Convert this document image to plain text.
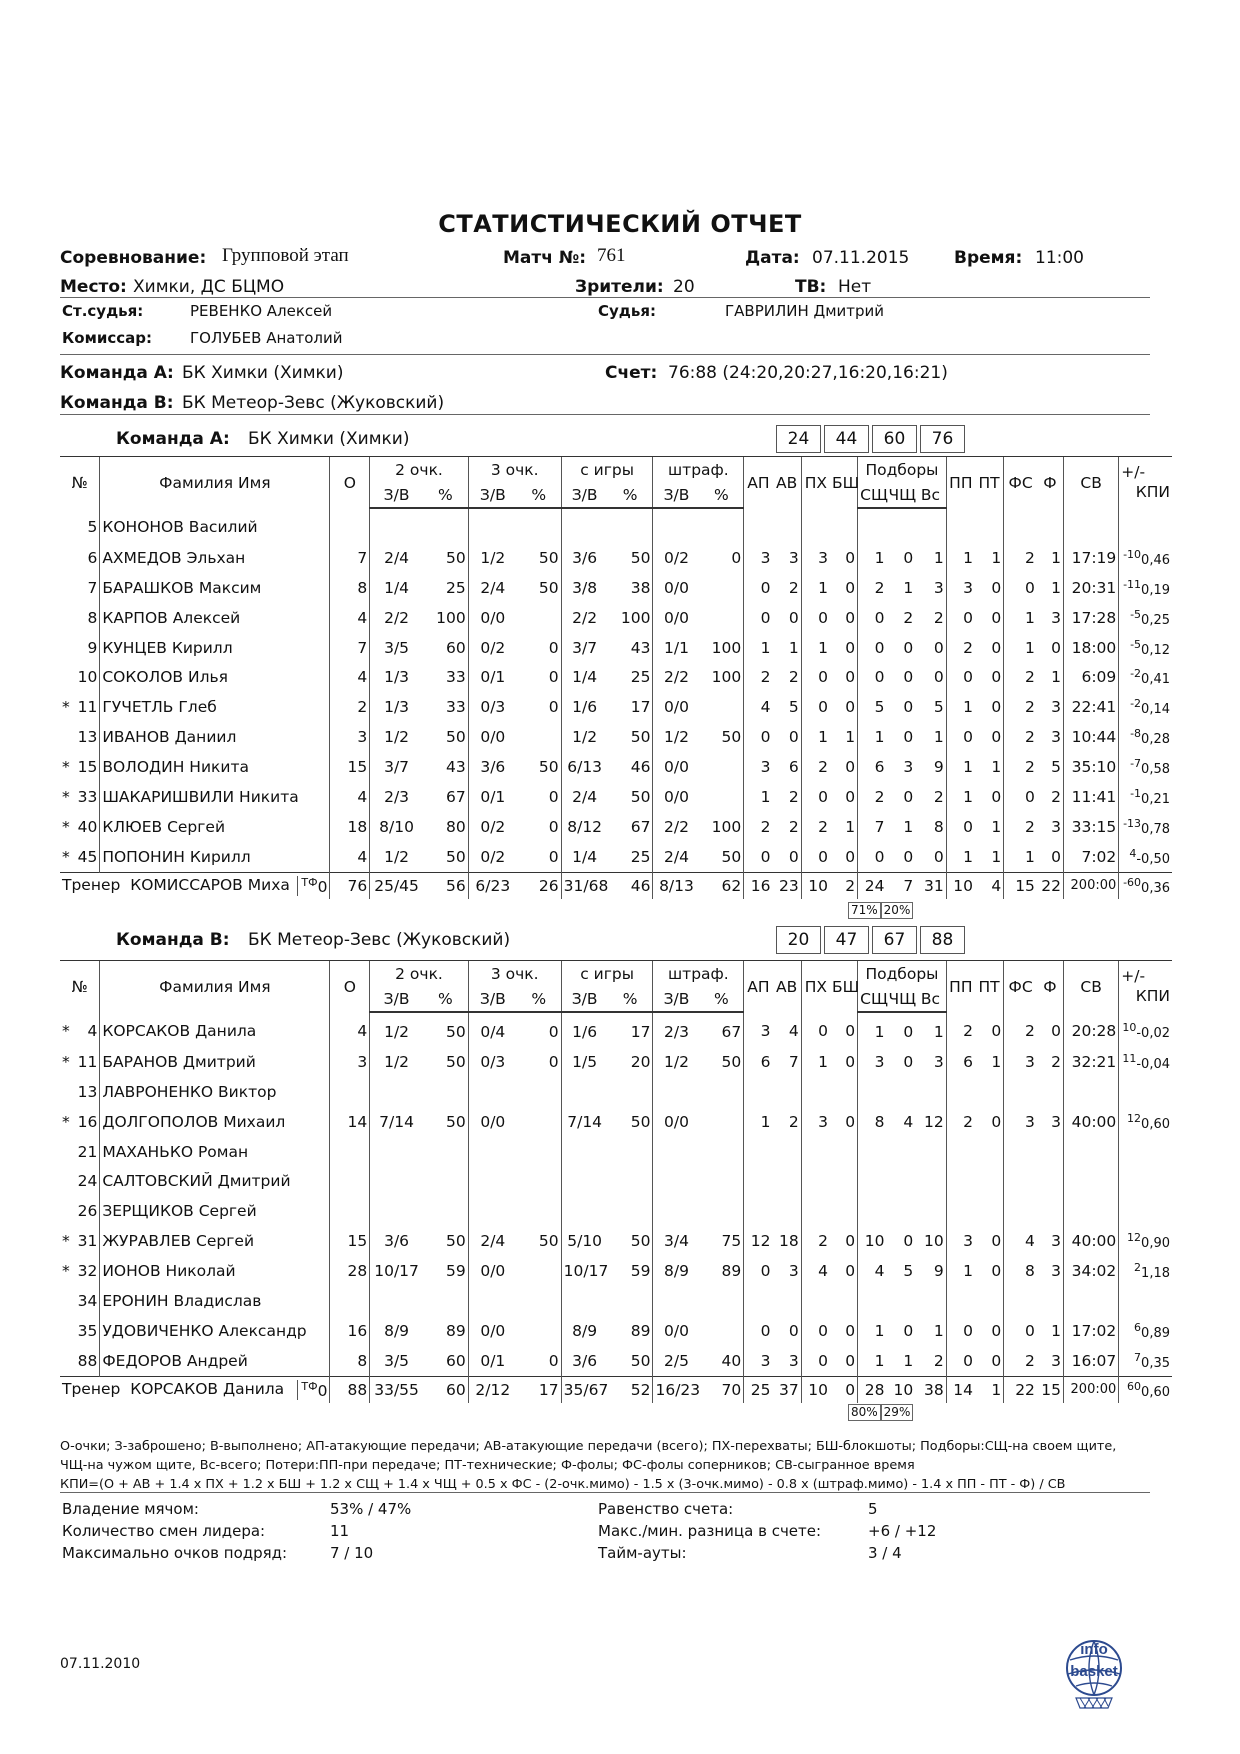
СТАТИСТИЧЕСКИЙ ОТЧЕТ
Соревнование: Групповой этап	Матч №: 761	Дата: 07.11.2015	Время: 11:00
Место: Химки, ДС БЦМО	Зрители: 20	ТВ: Нет
Ст.судья:	РЕВЕНКО Алексей	Судья:	ГАВРИЛИН Дмитрий
Комиссар:	ГОЛУБЕВ Анатолий
Команда А: БК Химки (Химки)	Счет: 76:88 (24:20,20:27,16:20,16:21)
Команда В: БК Метеор-Зевс (Жуковский)
Команда А: БК Химки (Химки)	24	44	60	76
№	Фамилия Имя	О	2 очк.		3 очк.		с игры		штраф.		АП	АВ	ПХ	БШ	Подборы			ПП	ПТ	ФС	Ф	СВ	+/-
КПИ

			З/В	%	З/В	%	З/В	%	З/В	%					СЩ	ЧЩ	Вс						

5	КОНОНОВ Василий																						

6	АХМЕДОВ Эльхан	7	2/4	50	1/2	50	3/6	50	0/2	0	3	3	3	0	1	0	1	1	1	2	1	17:19	$^{-10}$0,46

7	БАРАШКОВ Максим	8	1/4	25	2/4	50	3/8	38	0/0		0	2	1	0	2	1	3	3	0	0	1	20:31	$^{-11}$0,19

8	КАРПОВ Алексей	4	2/2	100	0/0		2/2	100	0/0		0	0	0	0	0	2	2	0	0	1	3	17:28	$^{-5}$0,25

9	КУНЦЕВ Кирилл	7	3/5	60	0/2	0	3/7	43	1/1	100	1	1	1	0	0	0	0	2	0	1	0	18:00	$^{-5}$0,12

10	СОКОЛОВ Илья	4	1/3	33	0/1	0	1/4	25	2/2	100	2	2	0	0	0	0	0	0	0	2	1	6:09	$^{-2}$0,41

* 11	ГУЧЕТЛЬ Глеб	2	1/3	33	0/3	0	1/6	17	0/0		4	5	0	0	5	0	5	1	0	2	3	22:41	$^{-2}$0,14

13	ИВАНОВ Даниил	3	1/2	50	0/0		1/2	50	1/2	50	0	0	1	1	1	0	1	0	0	2	3	10:44	$^{-8}$0,28

* 15	ВОЛОДИН Никита	15	3/7	43	3/6	50	6/13	46	0/0		3	6	2	0	6	3	9	1	1	2	5	35:10	$^{-7}$0,58

* 33	ШАКАРИШВИЛИ Никита	4	2/3	67	0/1	0	2/4	50	0/0		1	2	0	0	2	0	2	1	0	0	2	11:41	$^{-1}$0,21

* 40	КЛЮЕВ Сергей	18	8/10	80	0/2	0	8/12	67	2/2	100	2	2	2	1	7	1	8	0	1	2	3	33:15	$^{-13}$0,78

* 45	ПОПОНИН Кирилл	4	1/2	50	0/2	0	1/4	25	2/4	50	0	0	0	0	0	0	0	1	1	1	0	7:02	$^4$-0,50
Тренер КОМИССАРОВ Миха $^{ТФ}$0		76	25/45	56	6/23	26	31/68	46	8/13	62	16	23	10	2	24	7	31	10	4	15	22	200:00	$^{-60}$0,36
71% 20%
Команда В: БК Метеор-Зевс (Жуковский)	20	47	67	88
№	Фамилия Имя	О	2 очк.		3 очк.		с игры		штраф.		АП	АВ	ПХ	БШ	Подборы			ПП	ПТ	ФС	Ф	СВ	+/-
КПИ

			З/В	%	З/В	%	З/В	%	З/В	%					СЩ	ЧЩ	Вс						

* 4	КОРСАКОВ Данила	4	1/2	50	0/4	0	1/6	17	2/3	67	3	4	0	0	1	0	1	2	0	2	0	20:28	$^{10}$-0,02

* 11	БАРАНОВ Дмитрий	3	1/2	50	0/3	0	1/5	20	1/2	50	6	7	1	0	3	0	3	6	1	3	2	32:21	$^{11}$-0,04

13	ЛАВРОНЕНКО Виктор																						

* 16	ДОЛГОПОЛОВ Михаил	14	7/14	50	0/0		7/14	50	0/0		1	2	3	0	8	4	12	2	0	3	3	40:00	$^{12}$0,60

21	МАХАНЬКО Роман																						

24	САЛТОВСКИЙ Дмитрий																						

26	ЗЕРЩИКОВ Сергей																						

* 31	ЖУРАВЛЕВ Сергей	15	3/6	50	2/4	50	5/10	50	3/4	75	12	18	2	0	10	0	10	3	0	4	3	40:00	$^{12}$0,90

* 32	ИОНОВ Николай	28	10/17	59	0/0		10/17	59	8/9	89	0	3	4	0	4	5	9	1	0	8	3	34:02	$^2$1,18

34	ЕРОНИН Владислав																						

35	УДОВИЧЕНКО Александр	16	8/9	89	0/0		8/9	89	0/0		0	0	0	0	1	0	1	0	0	0	1	17:02	$^6$0,89

88	ФЕДОРОВ Андрей	8	3/5	60	0/1	0	3/6	50	2/5	40	3	3	0	0	1	1	2	0	0	2	3	16:07	$^7$0,35
Тренер КОРСАКОВ Данила $^{ТФ}$0		88	33/55	60	2/12	17	35/67	52	16/23	70	25	37	10	0	28	10	38	14	1	22	15	200:00	$^{60}$0,60
80% 29%
О-очки; З-заброшено; В-выполнено; АП-атакующие передачи; АВ-атакующие передачи (всего); ПХ-перехваты; БШ-блокшоты; Подборы:СЩ-на своем щите,
ЧЩ-на чужом щите, Вс-всего; Потери:ПП-при передаче; ПТ-технические; Ф-фолы; ФС-фолы соперников; СВ-сыгранное время
КПИ=(О + АВ + 1.4 х ПХ + 1.2 х БШ + 1.2 х СЩ + 1.4 х ЧЩ + 0.5 х ФС - (2-очк.мимо) - 1.5 х (3-очк.мимо) - 0.8 х (штраф.мимо) - 1.4 х ПП - ПТ - Ф) / СВ
Владение мячом:	53% / 47%
Количество смен лидера:	11
Максимально очков подряд:	7 / 10
Равенство счета:	5
Макс./мин. разница в счете:	+6 / +12
Тайм-ауты:	3 / 4
07.11.2010
info
basket
